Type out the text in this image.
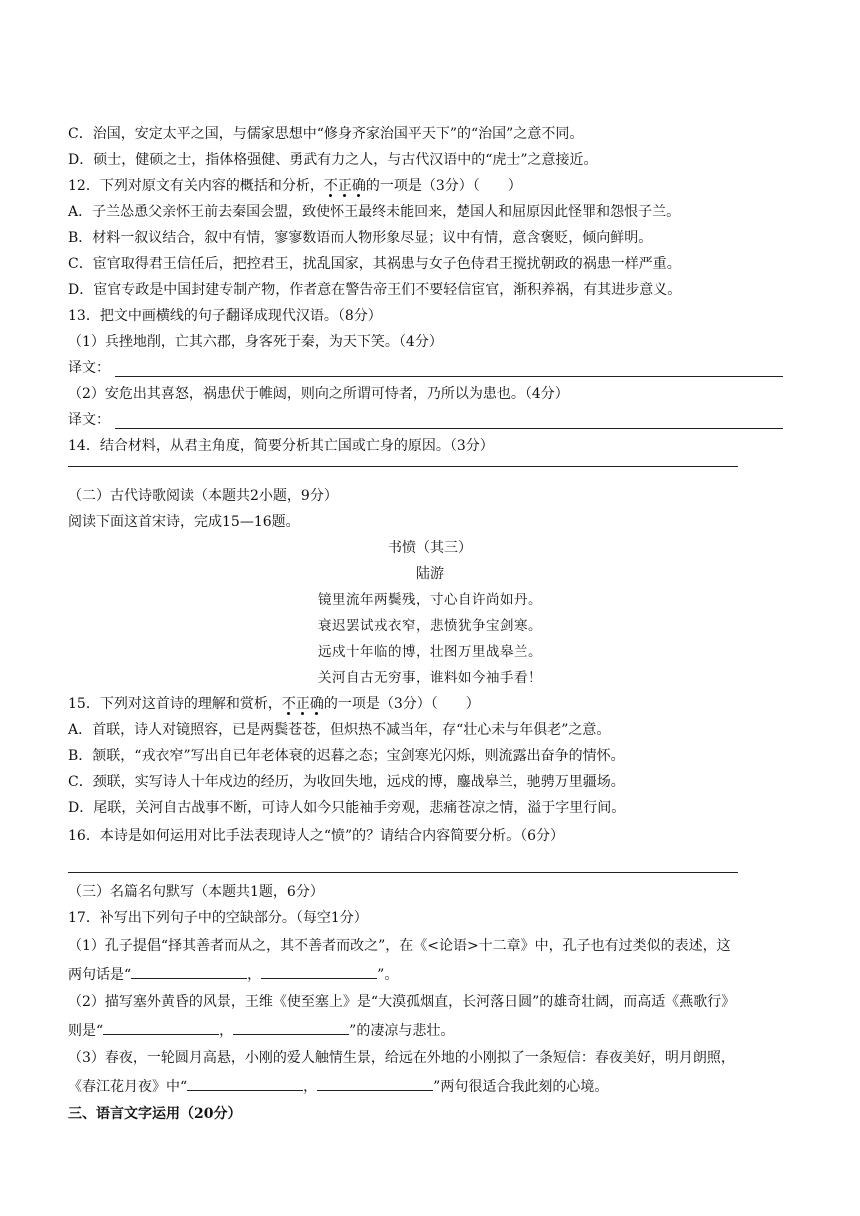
C．治国，安定太平之国，与儒家思想中“修身齐家治国平天下”的“治国”之意不同。
D．硕士，健硕之士，指体格强健、勇武有力之人，与古代汉语中的“虎士”之意接近。
12．下列对原文有关内容的概括和分析，不正确的一项是（3分）（　　）
A．子兰怂恿父亲怀王前去秦国会盟，致使怀王最终未能回来，楚国人和屈原因此怪罪和怨恨子兰。
B．材料一叙议结合，叙中有情，寥寥数语而人物形象尽显；议中有情，意含褒贬，倾向鲜明。
C．宦官取得君王信任后，把控君王，扰乱国家，其祸患与女子色侍君王搅扰朝政的祸患一样严重。
D．宦官专政是中国封建专制产物，作者意在警告帝王们不要轻信宦官，渐积养祸，有其进步意义。
13．把文中画横线的句子翻译成现代汉语。（8分）
（1）兵挫地削，亡其六郡，身客死于秦，为天下笑。（4分）
译文：
（2）安危出其喜怒，祸患伏于帷闼，则向之所谓可恃者，乃所以为患也。（4分）
译文：
14．结合材料，从君主角度，简要分析其亡国或亡身的原因。（3分）
（二）古代诗歌阅读（本题共2小题，9分）
阅读下面这首宋诗，完成15—16题。
书愤（其三）
陆游
镜里流年两鬓残，寸心自许尚如丹。
衰迟罢试戎衣窄，悲愤犹争宝剑寒。
远戍十年临的博，壮图万里战皋兰。
关河自古无穷事，谁料如今袖手看！
15．下列对这首诗的理解和赏析，不正确的一项是（3分）（　　）
A．首联，诗人对镜照容，已是两鬓苍苍，但炽热不减当年，存“壮心未与年俱老”之意。
B．颔联，“戎衣窄”写出自已年老体衰的迟暮之态；宝剑寒光闪烁，则流露出奋争的情怀。
C．颈联，实写诗人十年戍边的经历，为收回失地，远戍的博，鏖战皋兰，驰骋万里疆场。
D．尾联，关河自古战事不断，可诗人如今只能袖手旁观，悲痛苍凉之情，溢于字里行间。
16．本诗是如何运用对比手法表现诗人之“愤”的？请结合内容简要分析。（6分）
（三）名篇名句默写（本题共1题，6分）
17．补写出下列句子中的空缺部分。（每空1分）
（1）孔子提倡“择其善者而从之，其不善者而改之”，在《<论语>十二章》中，孔子也有过类似的表述，这
两句话是“	，	”。
（2）描写塞外黄昏的风景，王维《使至塞上》是“大漠孤烟直，长河落日圆”的雄奇壮阔，而高适《燕歌行》
则是“	，	”的凄凉与悲壮。
（3）春夜，一轮圆月高悬，小刚的爱人触情生景，给远在外地的小刚拟了一条短信：春夜美好，明月朗照，
《春江花月夜》中“	，	”两句很适合我此刻的心境。
三、语言文字运用（20分）
